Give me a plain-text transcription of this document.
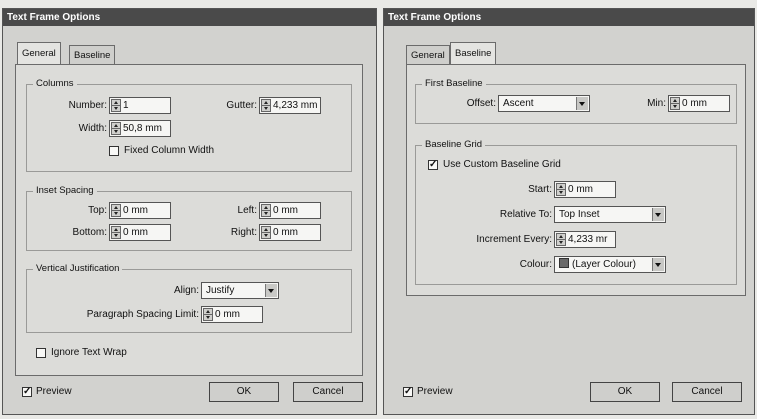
Text Frame Options
General	Baseline
Columns
Number:	1	Gutter:	4,233 mm
Width:	50,8 mm
Fixed Column Width
Inset Spacing
Top:	0 mm	Left:	0 mm
Bottom:	0 mm	Right:	0 mm
Vertical Justification
Align: Justify
Paragraph Spacing Limit:	0 mm
Ignore Text Wrap
✓ Preview	OK	Cancel
Text Frame Options
General	Baseline
First Baseline
Offset: Ascent	Min:	0 mm
Baseline Grid
✓ Use Custom Baseline Grid
Start:	0 mm
Relative To: Top Inset
Increment Every:	4,233 mr
Colour:	(Layer Colour)
✓ Preview	OK	Cancel
